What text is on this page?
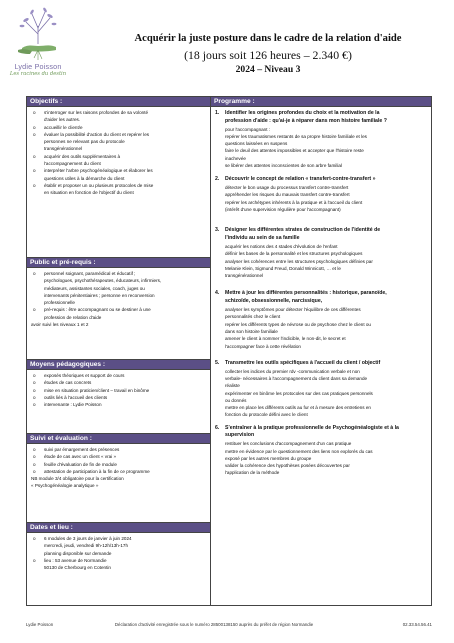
Lydie Poisson
Les racines du destin
Acquérir la juste posture dans le cadre de la relation d'aide
(18 jours soit 126 heures – 2.340 €)
2024 – Niveau 3
Objectifs :
o s'interroger sur les raisons profondes de sa volonté
d'aider les autres.
o accueillir le client/e
o évaluer la possibilité d'action du client et repérer les
personnes ne relevant pas du protocole
transgénérationnel
o acquérir des outils supplémentaires à
l'accompagnement du client
o interpréter l'arbre psychogénéalogique et élaborer les
questions utiles à la démarche du client
o établir et proposer un ou plusieurs protocoles de mise
en situation en fonction de l'objectif du client
Public et pré-requis :
o personnel soignant, paramédical et éducatif ;
psychologues, psychothérapeutes, éducateurs, infirmiers,
médiateurs, assistantes sociales, coach, juges ou
intervenants pénitentiaires ; personne en reconversion
professionnelle
o pré-requis : être accompagnant ou se destiner à une
profession de relation d'aide
avoir suivi les niveaux 1 et 2
Moyens pédagogiques :
o exposés théoriques et support de cours
o études de cas concrets
o mise en situation praticien/client – travail en binôme
o outils liés à l'accueil des clients
o intervenante : Lydie Poisson
Suivi et évaluation :
o suivi par émargement des présences
o étude de cas avec un client « vrai »
o feuille d'évaluation de fin de module
o attestation de participation à la fin de ce programme
NB module 3/4 obligatoire pour la certification
« Psychogénéalogie analytique »
Dates et lieu :
o 6 modules de 3 jours de janvier à juin 2024
mercredi, jeudi, vendredi 9h-12h/13h-17h
planning disponible sur demande
o lieu : 53 avenue de Normandie
50130 de Cherbourg en Cotentin
Programme :
1. Identifier les origines profondes du choix et la motivation de la
profession d'aide : qu'ai-je à réparer dans mon histoire familiale ?
pour l'accompagnant :
repérer les traumatismes restants de sa propre histoire familiale et les
questions laissées en suspens
faire le deuil des attentes impossibles et accepter que l'histoire reste
inachevée
se libérer des attentes inconscientes de son arbre familial
2. Découvrir le concept de relation « transfert-contre-transfert »
détecter le bon usage du processus transfert contre-transfert
appréhender les risques du mauvais transfert contre-transfert
repérer les archétypes inhérents à la pratique et à l'accueil du client
(intérêt d'une supervision régulière pour l'accompagnant)
3. Désigner les différentes strates de construction de l'identité de
l'individu au sein de sa famille
acquérir les notions des 4 stades d'évolution de l'enfant
définir les bases de la personnalité et les structures psychologiques
analyser les cohérences entre les structures psychologiques définies par
Melanie Klein, Sigmund Freud, Donald Winnicott, … et le
transgénérationnel
4. Mettre à jour les différentes personnalités : historique, paranoïde,
schizoïde, obsessionnelle, narcissique,
analyser les symptômes pour détecter l'équilibre de ces différentes
personnalités chez le client
repérer les différents types de névrose ou de psychose chez le client ou
dans son histoire familiale
amener le client à nommer l'indicible, le non-dit, le secret et
l'accompagner face à cette révélation
5. Transmettre les outils spécifiques à l'accueil du client / objectif
collecter les indices du premier rdv -communication verbale et non
verbale- nécessaires à l'accompagnement du client dans sa demande
réaliste
expérimenter en binôme les protocoles sur des cas pratiques personnels
ou donnés
mettre en place les différents outils au fur et à mesure des entretiens en
fonction du protocole défini avec le client
6. S'entraîner à la pratique professionnelle de Psychogénéalogiste et à la
supervision
restituer les conclusions d'accompagnement d'un cas pratique
mettre en évidence par le questionnement des liens non explorés du cas
exposé par les autres membres du groupe
valider la cohérence des hypothèses posées découvertes par
l'application de la méthode
Lydie Poisson	Déclaration d'activité enregistrée sous le numéro 28500138150 auprès du préfet de région Normandie	02.33.54.56.41
